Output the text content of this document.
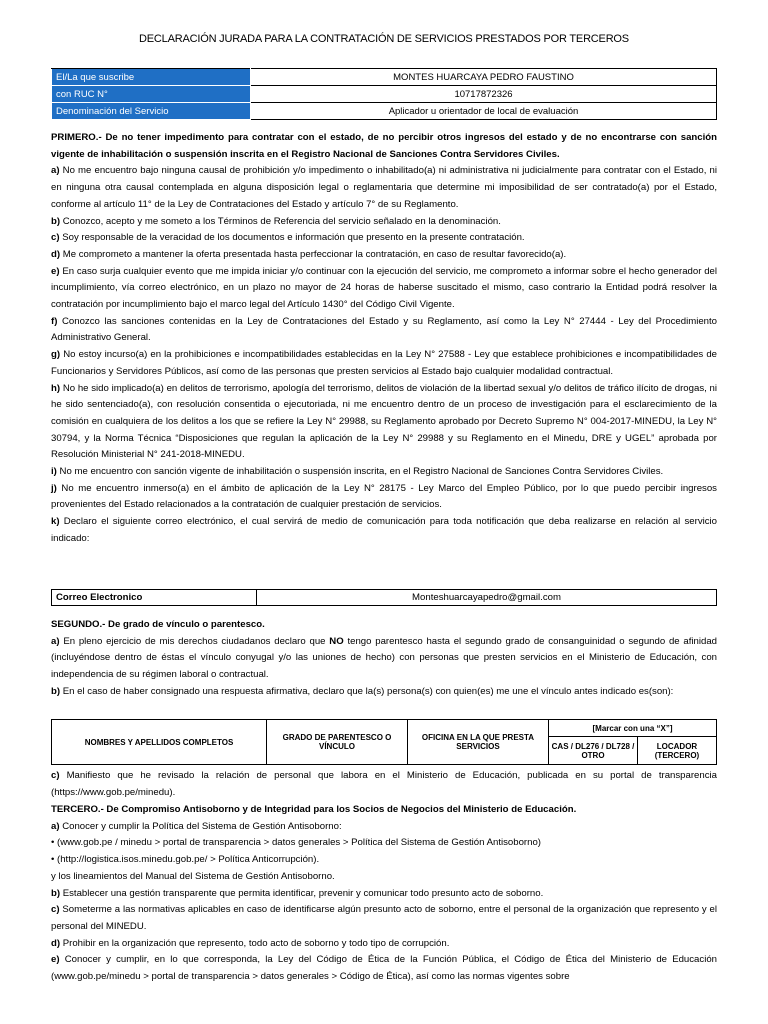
DECLARACIÓN JURADA PARA LA CONTRATACIÓN DE SERVICIOS PRESTADOS POR TERCEROS
El/La que suscribe	MONTES HUARCAYA PEDRO FAUSTINO
con RUC N°	10717872326
Denominación del Servicio	Aplicador u orientador de local de evaluación
PRIMERO.- De no tener impedimento para contratar con el estado, de no percibir otros ingresos del estado y de no encontrarse con sanción vigente de inhabilitación o suspensión inscrita en el Registro Nacional de Sanciones Contra Servidores Civiles.
a) No me encuentro bajo ninguna causal de prohibición y/o impedimento o inhabilitado(a) ni administrativa ni judicialmente para contratar con el Estado, ni en ninguna otra causal contemplada en alguna disposición legal o reglamentaria que determine mi imposibilidad de ser contratado(a) por el Estado, conforme al artículo 11° de la Ley de Contrataciones del Estado y artículo 7° de su Reglamento.
b) Conozco, acepto y me someto a los Términos de Referencia del servicio señalado en la denominación.
c) Soy responsable de la veracidad de los documentos e información que presento en la presente contratación.
d) Me comprometo a mantener la oferta presentada hasta perfeccionar la contratación, en caso de resultar favorecido(a).
e) En caso surja cualquier evento que me impida iniciar y/o continuar con la ejecución del servicio, me comprometo a informar sobre el hecho generador del incumplimiento, vía correo electrónico, en un plazo no mayor de 24 horas de haberse suscitado el mismo, caso contrario la Entidad podrá resolver la contratación por incumplimiento bajo el marco legal del Artículo 1430° del Código Civil Vigente.
f) Conozco las sanciones contenidas en la Ley de Contrataciones del Estado y su Reglamento, así como la Ley N° 27444 - Ley del Procedimiento Administrativo General.
g) No estoy incurso(a) en la prohibiciones e incompatibilidades establecidas en la Ley N° 27588 - Ley que establece prohibiciones e incompatibilidades de Funcionarios y Servidores Públicos, así como de las personas que presten servicios al Estado bajo cualquier modalidad contractual.
h) No he sido implicado(a) en delitos de terrorismo, apología del terrorismo, delitos de violación de la libertad sexual y/o delitos de tráfico ilícito de drogas, ni he sido sentenciado(a), con resolución consentida o ejecutoriada, ni me encuentro dentro de un proceso de investigación para el esclarecimiento de la comisión en cualquiera de los delitos a los que se refiere la Ley N° 29988, su Reglamento aprobado por Decreto Supremo N° 004-2017-MINEDU, la Ley N° 30794, y la Norma Técnica “Disposiciones que regulan la aplicación de la Ley N° 29988 y su Reglamento en el Minedu, DRE y UGEL” aprobada por Resolución Ministerial N° 241-2018-MINEDU.
i) No me encuentro con sanción vigente de inhabilitación o suspensión inscrita, en el Registro Nacional de Sanciones Contra Servidores Civiles.
j) No me encuentro inmerso(a) en el ámbito de aplicación de la Ley N° 28175 - Ley Marco del Empleo Público, por lo que puedo percibir ingresos provenientes del Estado relacionados a la contratación de cualquier prestación de servicios.
k) Declaro el siguiente correo electrónico, el cual servirá de medio de comunicación para toda notificación que deba realizarse en relación al servicio indicado:
Correo Electronico	Monteshuarcayapedro@gmail.com
SEGUNDO.- De grado de vínculo o parentesco.
a) En pleno ejercicio de mis derechos ciudadanos declaro que NO tengo parentesco hasta el segundo grado de consanguinidad o segundo de afinidad (incluyéndose dentro de éstas el vínculo conyugal y/o las uniones de hecho) con personas que presten servicios en el Ministerio de Educación, con independencia de su régimen laboral o contractual.
b) En el caso de haber consignado una respuesta afirmativa, declaro que la(s) persona(s) con quien(es) me une el vínculo antes indicado es(son):
NOMBRES Y APELLIDOS COMPLETOS	GRADO DE PARENTESCO O VÍNCULO	OFICINA EN LA QUE PRESTA SERVICIOS	[Marcar con una “X”]	
			CAS / DL276 / DL728 / OTRO	LOCADOR (TERCERO)
c) Manifiesto que he revisado la relación de personal que labora en el Ministerio de Educación, publicada en su portal de transparencia (https://www.gob.pe/minedu).
TERCERO.- De Compromiso Antisoborno y de Integridad para los Socios de Negocios del Ministerio de Educación.
a) Conocer y cumplir la Política del Sistema de Gestión Antisoborno:
• (www.gob.pe / minedu > portal de transparencia > datos generales > Política del Sistema de Gestión Antisoborno)
• (http://logistica.isos.minedu.gob.pe/ > Política Anticorrupción).
y los lineamientos del Manual del Sistema de Gestión Antisoborno.
b) Establecer una gestión transparente que permita identificar, prevenir y comunicar todo presunto acto de soborno.
c) Someterme a las normativas aplicables en caso de identificarse algún presunto acto de soborno, entre el personal de la organización que represento y el personal del MINEDU.
d) Prohibir en la organización que represento, todo acto de soborno y todo tipo de corrupción.
e) Conocer y cumplir, en lo que corresponda, la Ley del Código de Ética de la Función Pública, el Código de Ética del Ministerio de Educación (www.gob.pe/minedu > portal de transparencia > datos generales > Código de Ética), así como las normas vigentes sobre
